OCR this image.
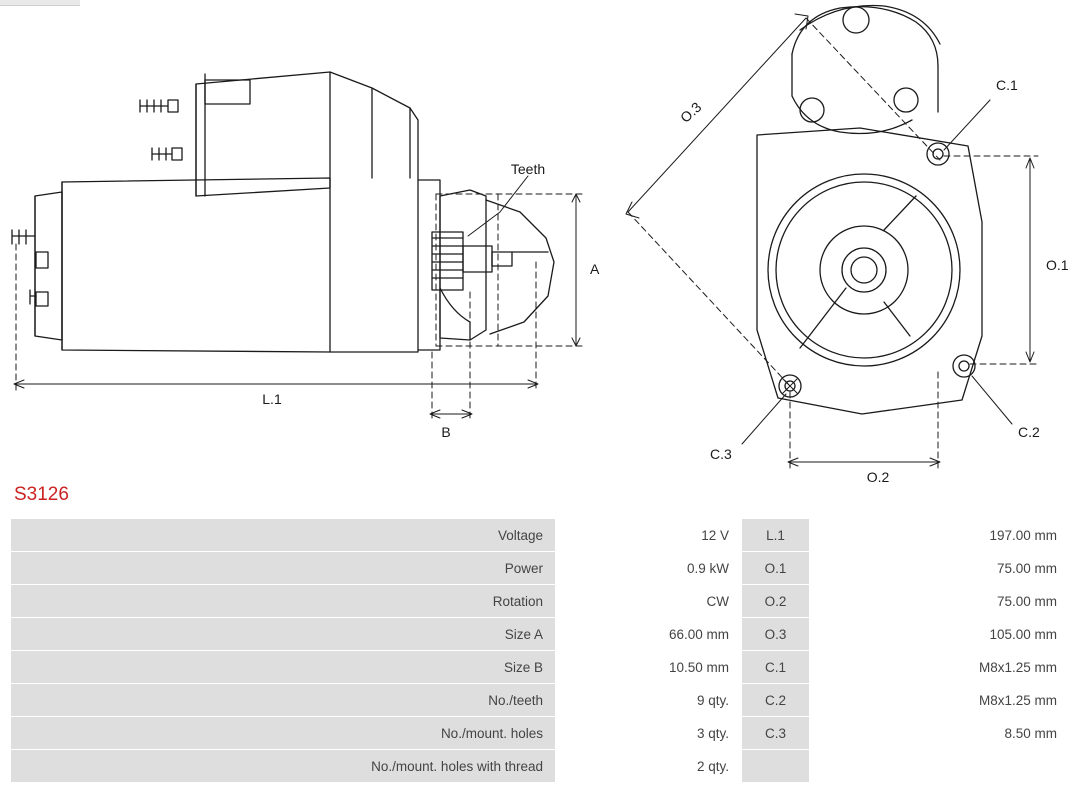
Teeth
A
B
L.1
O.3
O.1
O.2
C.1
C.2
C.3
S3126
Voltage	12 V	L.1	197.00 mm
Power	0.9 kW	O.1	75.00 mm
Rotation	CW	O.2	75.00 mm
Size A	66.00 mm	O.3	105.00 mm
Size B	10.50 mm	C.1	M8x1.25 mm
No./teeth	9 qty.	C.2	M8x1.25 mm
No./mount. holes	3 qty.	C.3	8.50 mm
No./mount. holes with thread	2 qty.		
